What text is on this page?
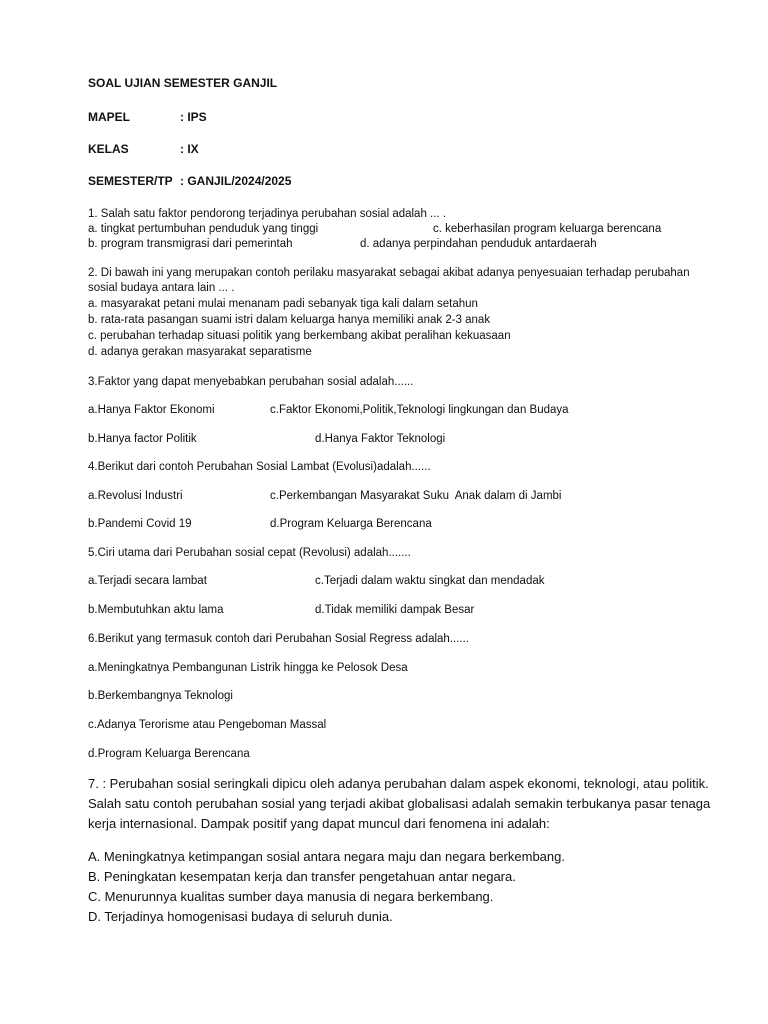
SOAL UJIAN SEMESTER GANJIL
MAPEL	: IPS
KELAS	: IX
SEMESTER/TP : GANJIL/2024/2025
1. Salah satu faktor pendorong terjadinya perubahan sosial adalah ... .
a. tingkat pertumbuhan penduduk yang tinggi	c. keberhasilan program keluarga berencana
b. program transmigrasi dari pemerintah	d. adanya perpindahan penduduk antardaerah
2. Di bawah ini yang merupakan contoh perilaku masyarakat sebagai akibat adanya penyesuaian terhadap perubahan
sosial budaya antara lain ... .
a. masyarakat petani mulai menanam padi sebanyak tiga kali dalam setahun
b. rata-rata pasangan suami istri dalam keluarga hanya memiliki anak 2-3 anak
c. perubahan terhadap situasi politik yang berkembang akibat peralihan kekuasaan
d. adanya gerakan masyarakat separatisme
3.Faktor yang dapat menyebabkan perubahan sosial adalah......
a.Hanya Faktor Ekonomi	c.Faktor Ekonomi,Politik,Teknologi lingkungan dan Budaya
b.Hanya factor Politik	d.Hanya Faktor Teknologi
4.Berikut dari contoh Perubahan Sosial Lambat (Evolusi)adalah......
a.Revolusi Industri	c.Perkembangan Masyarakat Suku  Anak dalam di Jambi
b.Pandemi Covid 19	d.Program Keluarga Berencana
5.Ciri utama dari Perubahan sosial cepat (Revolusi) adalah.......
a.Terjadi secara lambat	c.Terjadi dalam waktu singkat dan mendadak
b.Membutuhkan aktu lama	d.Tidak memiliki dampak Besar
6.Berikut yang termasuk contoh dari Perubahan Sosial Regress adalah......
a.Meningkatnya Pembangunan Listrik hingga ke Pelosok Desa
b.Berkembangnya Teknologi
c.Adanya Terorisme atau Pengeboman Massal
d.Program Keluarga Berencana
7. : Perubahan sosial seringkali dipicu oleh adanya perubahan dalam aspek ekonomi, teknologi, atau politik.
Salah satu contoh perubahan sosial yang terjadi akibat globalisasi adalah semakin terbukanya pasar tenaga
kerja internasional. Dampak positif yang dapat muncul dari fenomena ini adalah:
A. Meningkatnya ketimpangan sosial antara negara maju dan negara berkembang.
B. Peningkatan kesempatan kerja dan transfer pengetahuan antar negara.
C. Menurunnya kualitas sumber daya manusia di negara berkembang.
D. Terjadinya homogenisasi budaya di seluruh dunia.
